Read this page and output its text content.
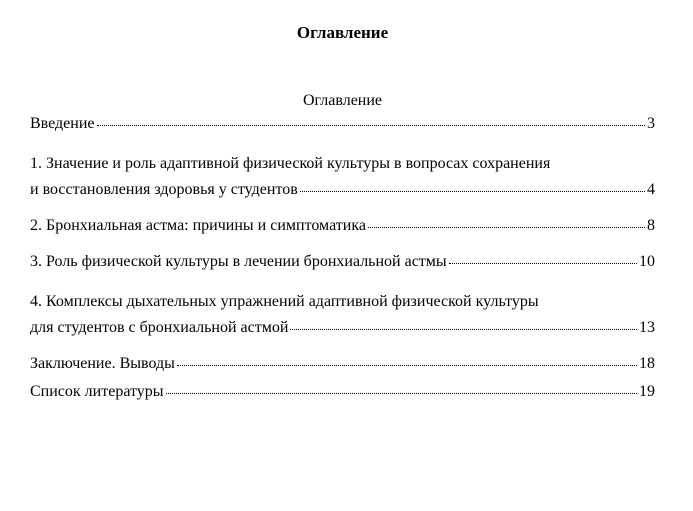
Оглавление
Оглавление
Введение	3
1. Значение и роль адаптивной физической культуры в вопросах сохранения
и восстановления здоровья у студентов	4
2. Бронхиальная астма: причины и симптоматика	8
3. Роль физической культуры в лечении бронхиальной астмы	10
4. Комплексы дыхательных упражнений адаптивной физической культуры
для студентов с бронхиальной астмой	13
Заключение. Выводы	18
Список литературы	19
